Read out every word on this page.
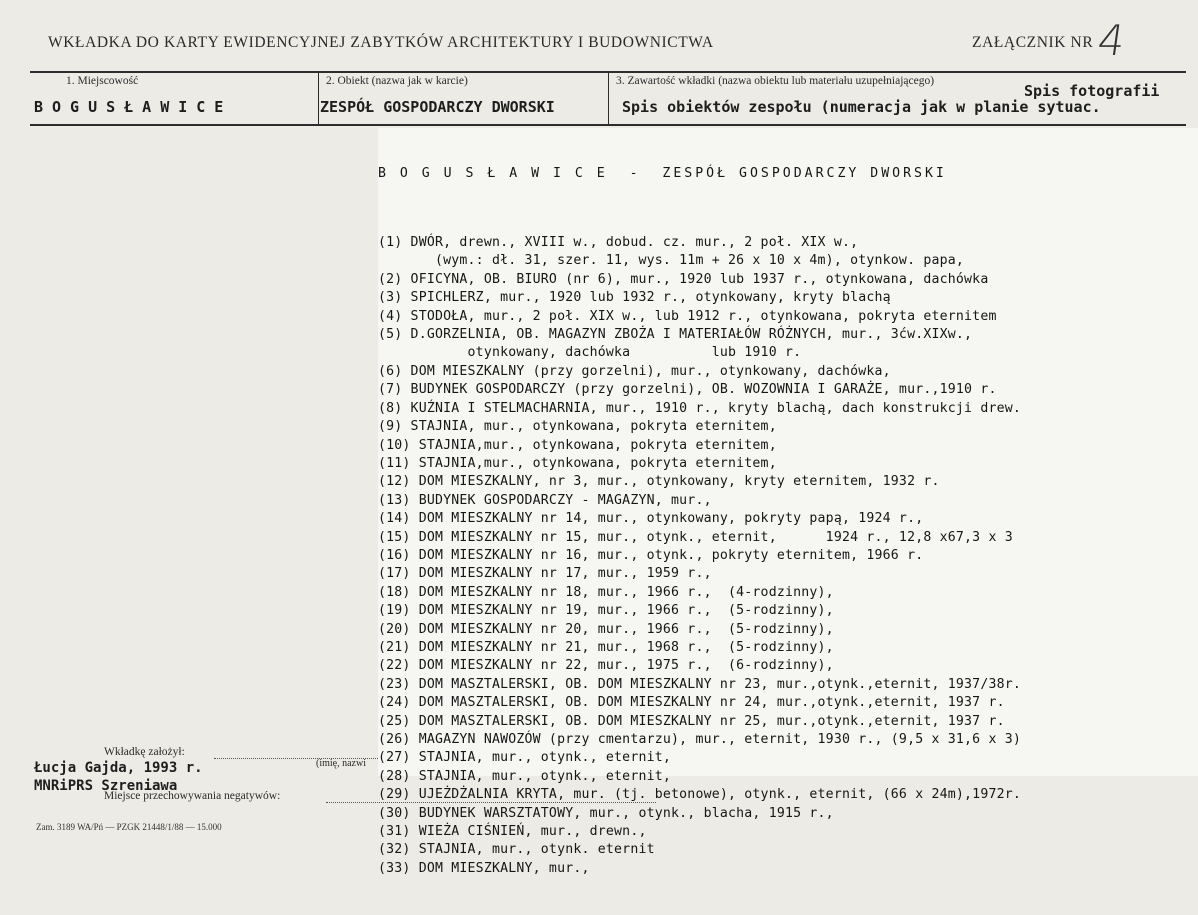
WKŁADKA DO KARTY EWIDENCYJNEJ ZABYTKÓW ARCHITEKTURY I BUDOWNICTWA	ZAŁĄCZNIK NR 4
1. Miejscowość	2. Obiekt (nazwa jak w karcie)	3. Zawartość wkładki (nazwa obiektu lub materiału uzupełniającego)
BOGUSŁAWICE	ZESPÓŁ GOSPODARCZY DWORSKI
Spis fotografii
Spis obiektów zespołu (numeracja jak w planie sytuac.

B O G U S Ł A W I C E  -  ZESPÓŁ GOSPODARCZY DWORSKI

(1) DWÓR, drewn., XVIII w., dobud. cz. mur., 2 poł. XIX w.,
(wym.: dł. 31, szer. 11, wys. 11m + 26 x 10 x 4m), otynkow. papa,
(2) OFICYNA, OB. BIURO (nr 6), mur., 1920 lub 1937 r., otynkowana, dachówka
(3) SPICHLERZ, mur., 1920 lub 1932 r., otynkowany, kryty blachą
(4) STODOŁA, mur., 2 poł. XIX w., lub 1912 r., otynkowana, pokryta eternitem
(5) D.GORZELNIA, OB. MAGAZYN ZBOŻA I MATERIAŁÓW RÓŻNYCH, mur., 3ćw.XIXw.,
otynkowany, dachówka          lub 1910 r.
(6) DOM MIESZKALNY (przy gorzelni), mur., otynkowany, dachówka,
(7) BUDYNEK GOSPODARCZY (przy gorzelni), OB. WOZOWNIA I GARAŻE, mur.,1910 r.
(8) KUŹNIA I STELMACHARNIA, mur., 1910 r., kryty blachą, dach konstrukcji drew.
(9) STAJNIA, mur., otynkowana, pokryta eternitem,
(10) STAJNIA,mur., otynkowana, pokryta eternitem,
(11) STAJNIA,mur., otynkowana, pokryta eternitem,
(12) DOM MIESZKALNY, nr 3, mur., otynkowany, kryty eternitem, 1932 r.
(13) BUDYNEK GOSPODARCZY - MAGAZYN, mur.,
(14) DOM MIESZKALNY nr 14, mur., otynkowany, pokryty papą, 1924 r.,
(15) DOM MIESZKALNY nr 15, mur., otynk., eternit,      1924 r., 12,8 x67,3 x 3
(16) DOM MIESZKALNY nr 16, mur., otynk., pokryty eternitem, 1966 r.
(17) DOM MIESZKALNY nr 17, mur., 1959 r.,
(18) DOM MIESZKALNY nr 18, mur., 1966 r.,  (4-rodzinny),
(19) DOM MIESZKALNY nr 19, mur., 1966 r.,  (5-rodzinny),
(20) DOM MIESZKALNY nr 20, mur., 1966 r.,  (5-rodzinny),
(21) DOM MIESZKALNY nr 21, mur., 1968 r.,  (5-rodzinny),
(22) DOM MIESZKALNY nr 22, mur., 1975 r.,  (6-rodzinny),
(23) DOM MASZTALERSKI, OB. DOM MIESZKALNY nr 23, mur.,otynk.,eternit, 1937/38r.
(24) DOM MASZTALERSKI, OB. DOM MIESZKALNY nr 24, mur.,otynk.,eternit, 1937 r.
(25) DOM MASZTALERSKI, OB. DOM MIESZKALNY nr 25, mur.,otynk.,eternit, 1937 r.
(26) MAGAZYN NAWOZÓW (przy cmentarzu), mur., eternit, 1930 r., (9,5 x 31,6 x 3)
(27) STAJNIA, mur., otynk., eternit,
(28) STAJNIA, mur., otynk., eternit,
(29) UJEŻDŻALNIA KRYTA, mur. (tj. betonowe), otynk., eternit, (66 x 24m),1972r.
(30) BUDYNEK WARSZTATOWY, mur., otynk., blacha, 1915 r.,
(31) WIEŻA CIŚNIEŃ, mur., drewn.,
(32) STAJNIA, mur., otynk. eternit
(33) DOM MIESZKALNY, mur.,

Wkładkę założył:
Łucja Gajda, 1993 r.	(imię, nazwi
MNRiPRS Szreniawa
Miejsce przechowywania negatywów:
Zam. 3189 WA/Pń — PZGK 21448/1/88 — 15.000
